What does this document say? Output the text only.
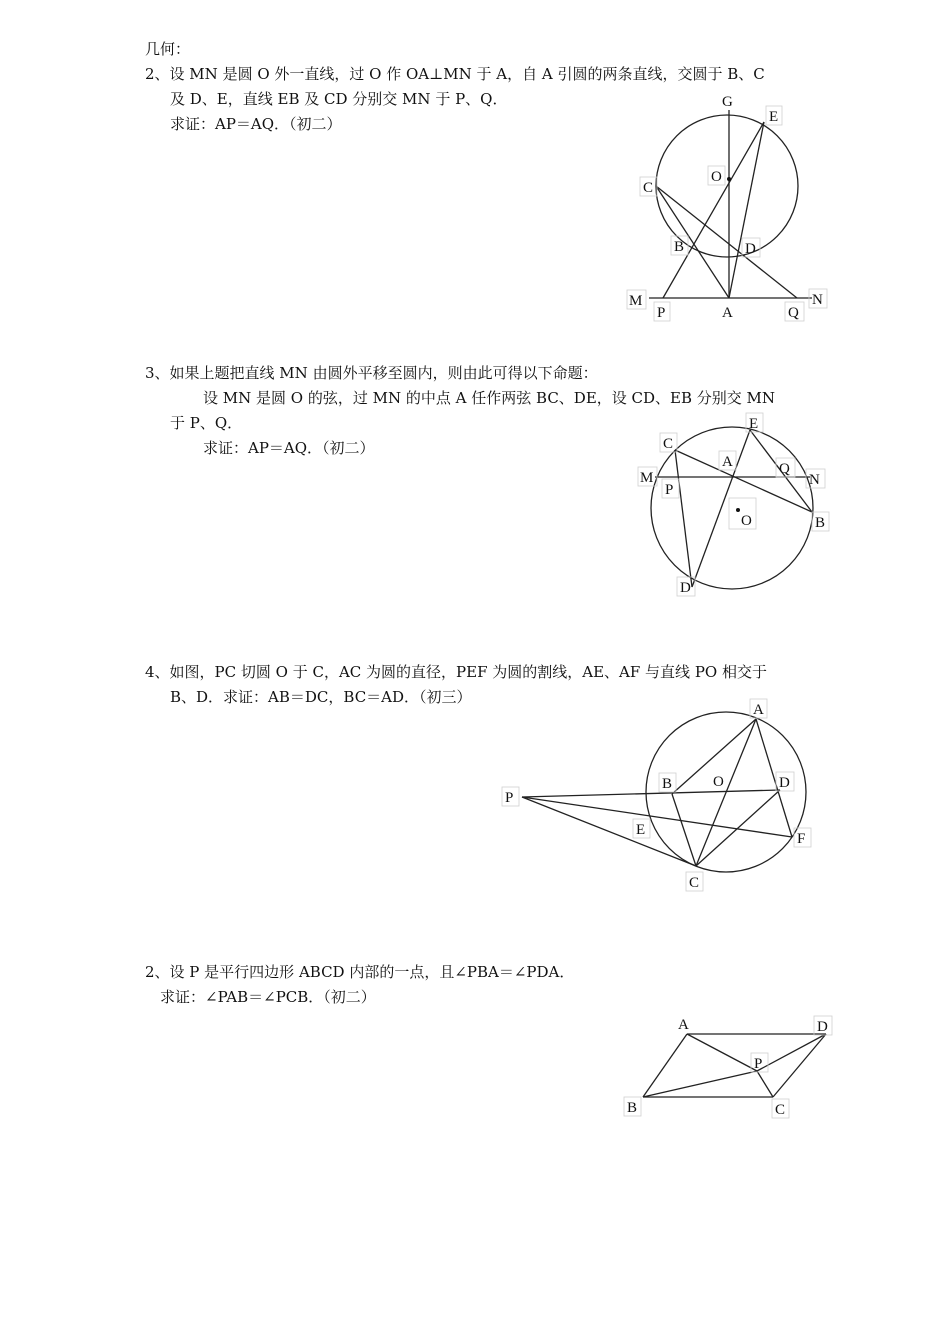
几何：
2、设 MN 是圆 O 外一直线，过 O 作 OA⊥MN 于 A，自 A 引圆的两条直线，交圆于 B、C
及 D、E，直线 EB 及 CD 分别交 MN 于 P、Q．
求证：AP＝AQ．（初二）
G
E
O
C
B	D
M	N
P	A	Q
3、如果上题把直线 MN 由圆外平移至圆内，则由此可得以下命题：
设 MN 是圆 O 的弦，过 MN 的中点 A 任作两弦 BC、DE，设 CD、EB 分别交 MN
于 P、Q．
求证：AP＝AQ．（初二）
E
C
A	Q
M	N
P
O	B
D
4、如图，PC 切圆 O 于 C，AC 为圆的直径，PEF 为圆的割线，AE、AF 与直线 PO 相交于
B、D．求证：AB＝DC，BC＝AD．（初三）
A
P
B	O	D
E
F
C
2、设 P 是平行四边形 ABCD 内部的一点，且∠PBA＝∠PDA．
求证：∠PAB＝∠PCB．（初二）
A	D
P
B	C
